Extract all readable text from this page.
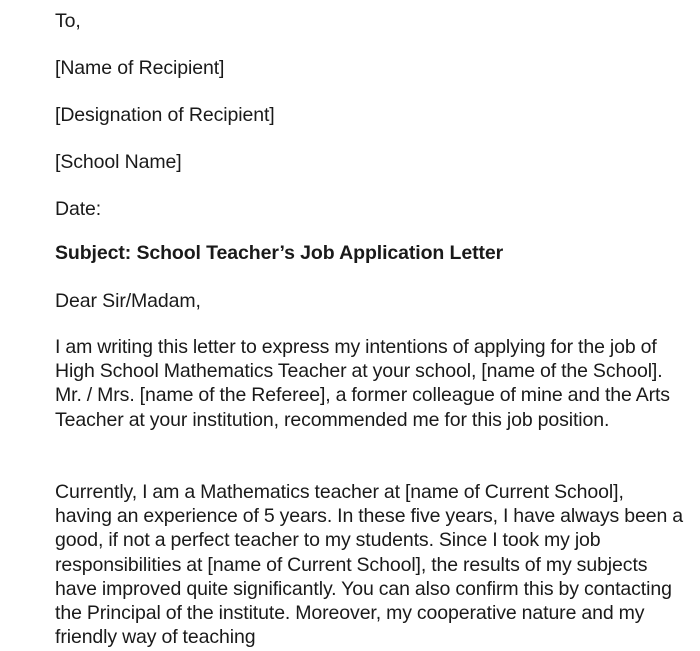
To,
[Name of Recipient]
[Designation of Recipient]
[School Name]
Date:
Subject: School Teacher’s Job Application Letter
Dear Sir/Madam,
I am writing this letter to express my intentions of applying for the job of High School Mathematics Teacher at your school, [name of the School]. Mr. / Mrs. [name of the Referee], a former colleague of mine and the Arts Teacher at your institution, recommended me for this job position.
Currently, I am a Mathematics teacher at [name of Current School], having an experience of 5 years. In these five years, I have always been a good, if not a perfect teacher to my students. Since I took my job responsibilities at [name of Current School], the results of my subjects have improved quite significantly. You can also confirm this by contacting the Principal of the institute. Moreover, my cooperative nature and my friendly way of teaching
